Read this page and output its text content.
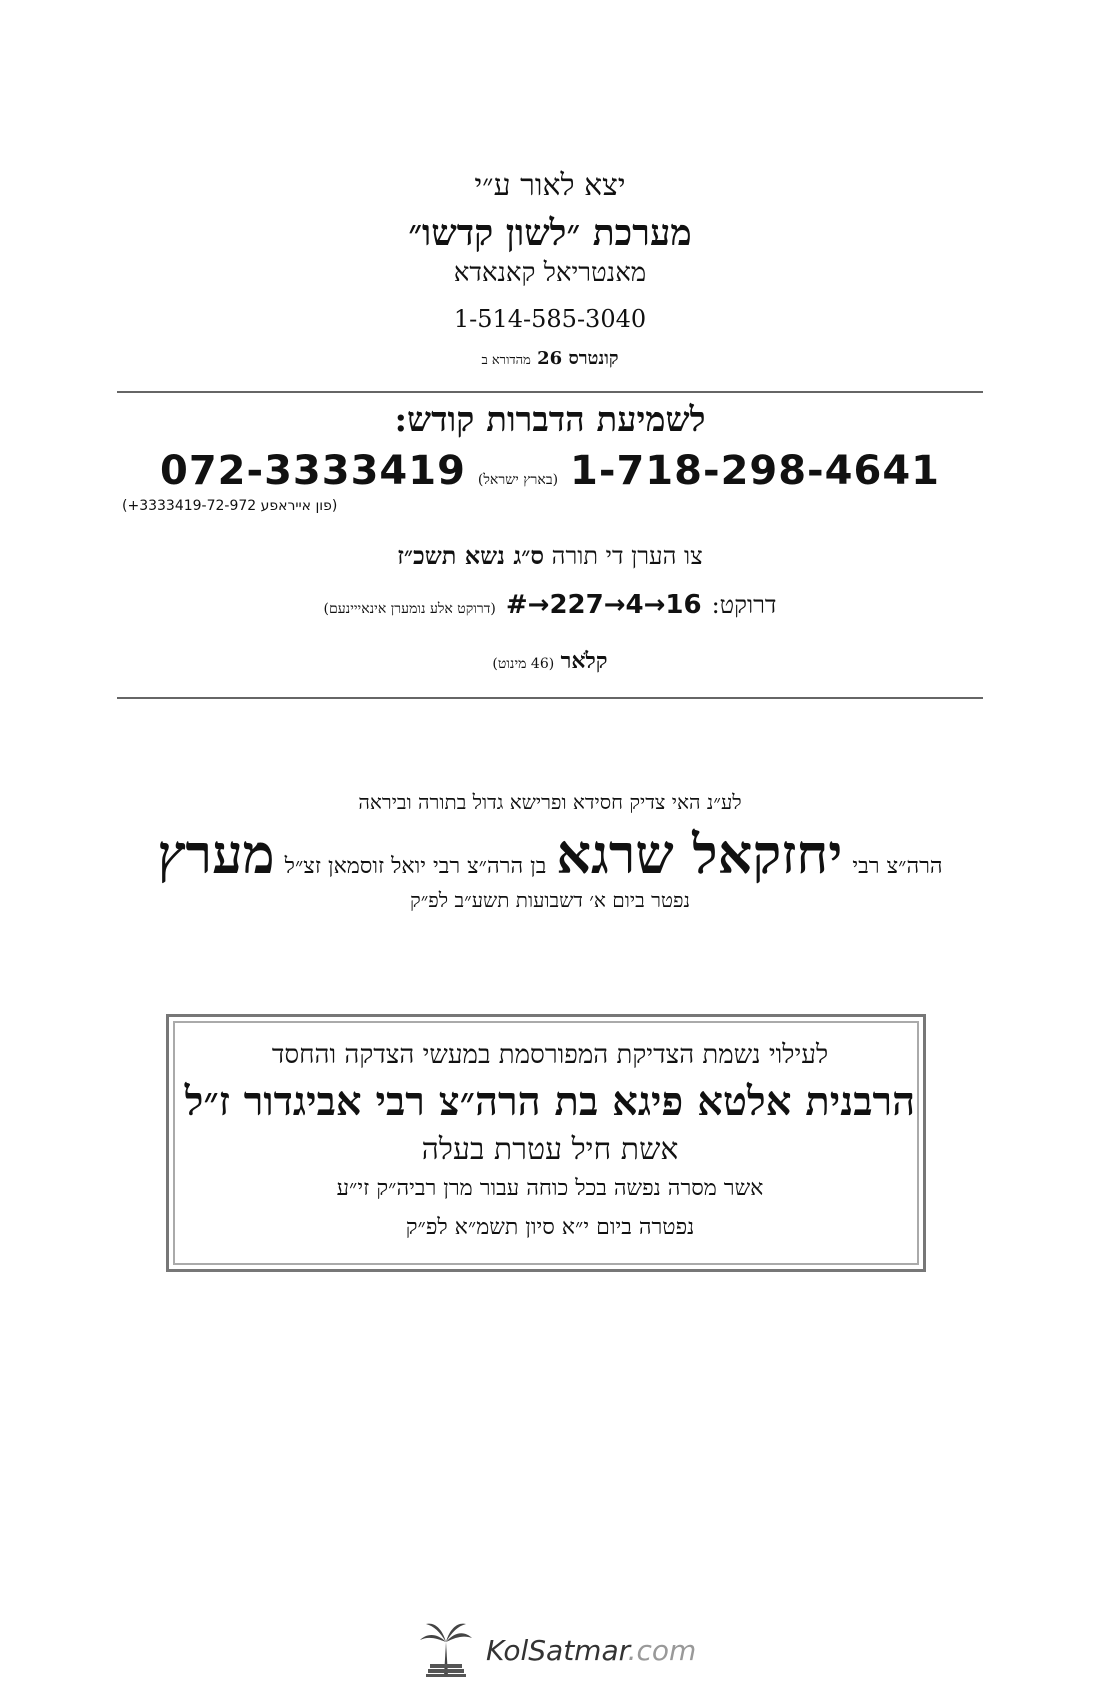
יצא לאור ע״י
מערכת ״לשון קדשו״
מאנטריאל קאנאדא
1-514-585-3040
קונטרס 26 מהדורא ב
לשמיעת הדברות קודש:
072-3333419 (בארץ ישראל) 1-718-298-4641
(פון אייראפע 3333419-72-972+)
צו הערן די תורה ס״ג נשא תשכ״ז
(דרוקט אלע נומערן אינאייינעם) #→227→4→16 דרוקט:
קלֹאר (46 מינוט)
לע״נ האי צדיק חסידא ופרישא גדול בתורה וביראה
הרה״צ רבי
יחזקאל שרגא
בן הרה״צ רבי יואל זוסמאן זצ״ל
מערץ
נפטר ביום א׳ דשבועות תשע״ב לפ״ק
לעילוי נשמת הצדיקת המפורסמת במעשי הצדקה והחסד
הרבנית אלטא פיגא בת הרה״צ רבי אביגדור ז״ל
אשת חיל עטרת בעלה
אשר מסרה נפשה בכל כוחה עבור מרן רביה״ק זי״ע
נפטרה ביום י״א סיון תשמ״א לפ״ק
KolSatmar.com
